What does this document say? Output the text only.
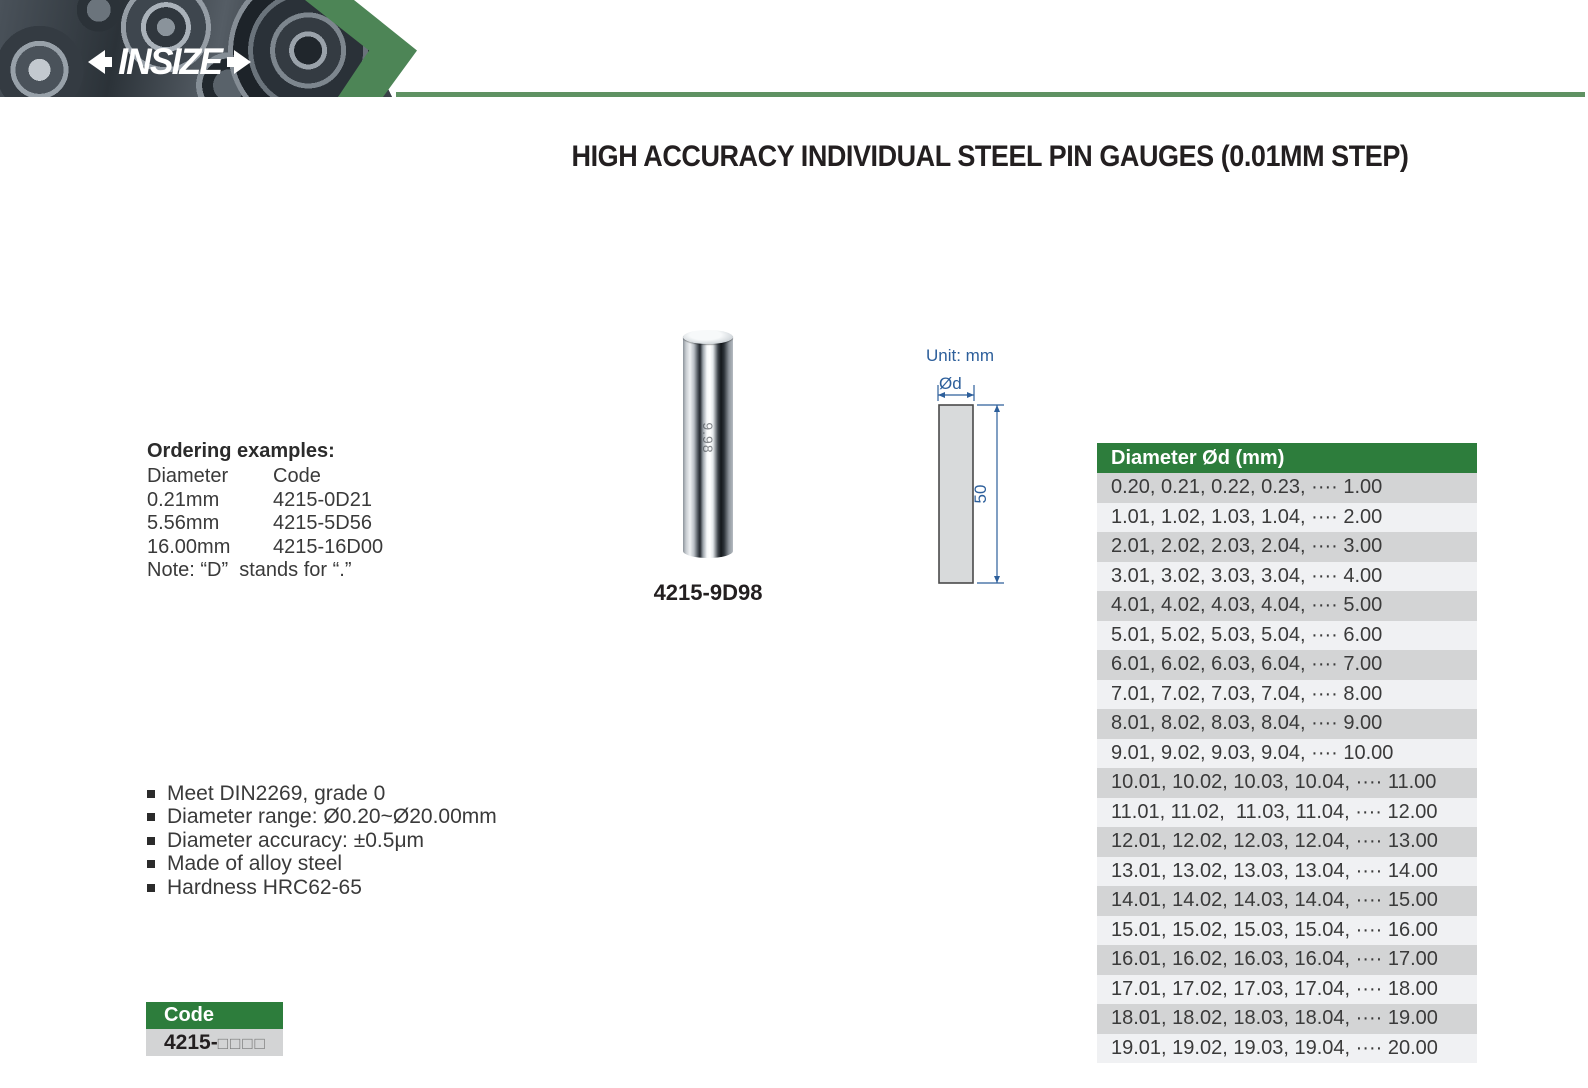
INSIZE
HIGH ACCURACY INDIVIDUAL STEEL PIN GAUGES (0.01MM STEP)
Ordering examples:
Diameter	Code
0.21mm	4215-0D21
5.56mm	4215-5D56
16.00mm	4215-16D00
Note: “D”  stands for “.”
9.98
4215-9D98
Unit: mm
Ød
50
Meet DIN2269, grade 0
Diameter range: Ø0.20~Ø20.00mm
Diameter accuracy: ±0.5μm
Made of alloy steel
Hardness HRC62-65
Code
4215- □□□□
Diameter Ød (mm)
0.20, 0.21, 0.22, 0.23, ···· 1.00
1.01, 1.02, 1.03, 1.04, ···· 2.00
2.01, 2.02, 2.03, 2.04, ···· 3.00
3.01, 3.02, 3.03, 3.04, ···· 4.00
4.01, 4.02, 4.03, 4.04, ···· 5.00
5.01, 5.02, 5.03, 5.04, ···· 6.00
6.01, 6.02, 6.03, 6.04, ···· 7.00
7.01, 7.02, 7.03, 7.04, ···· 8.00
8.01, 8.02, 8.03, 8.04, ···· 9.00
9.01, 9.02, 9.03, 9.04, ···· 10.00
10.01, 10.02, 10.03, 10.04, ···· 11.00
11.01, 11.02,  11.03, 11.04, ···· 12.00
12.01, 12.02, 12.03, 12.04, ···· 13.00
13.01, 13.02, 13.03, 13.04, ···· 14.00
14.01, 14.02, 14.03, 14.04, ···· 15.00
15.01, 15.02, 15.03, 15.04, ···· 16.00
16.01, 16.02, 16.03, 16.04, ···· 17.00
17.01, 17.02, 17.03, 17.04, ···· 18.00
18.01, 18.02, 18.03, 18.04, ···· 19.00
19.01, 19.02, 19.03, 19.04, ···· 20.00
